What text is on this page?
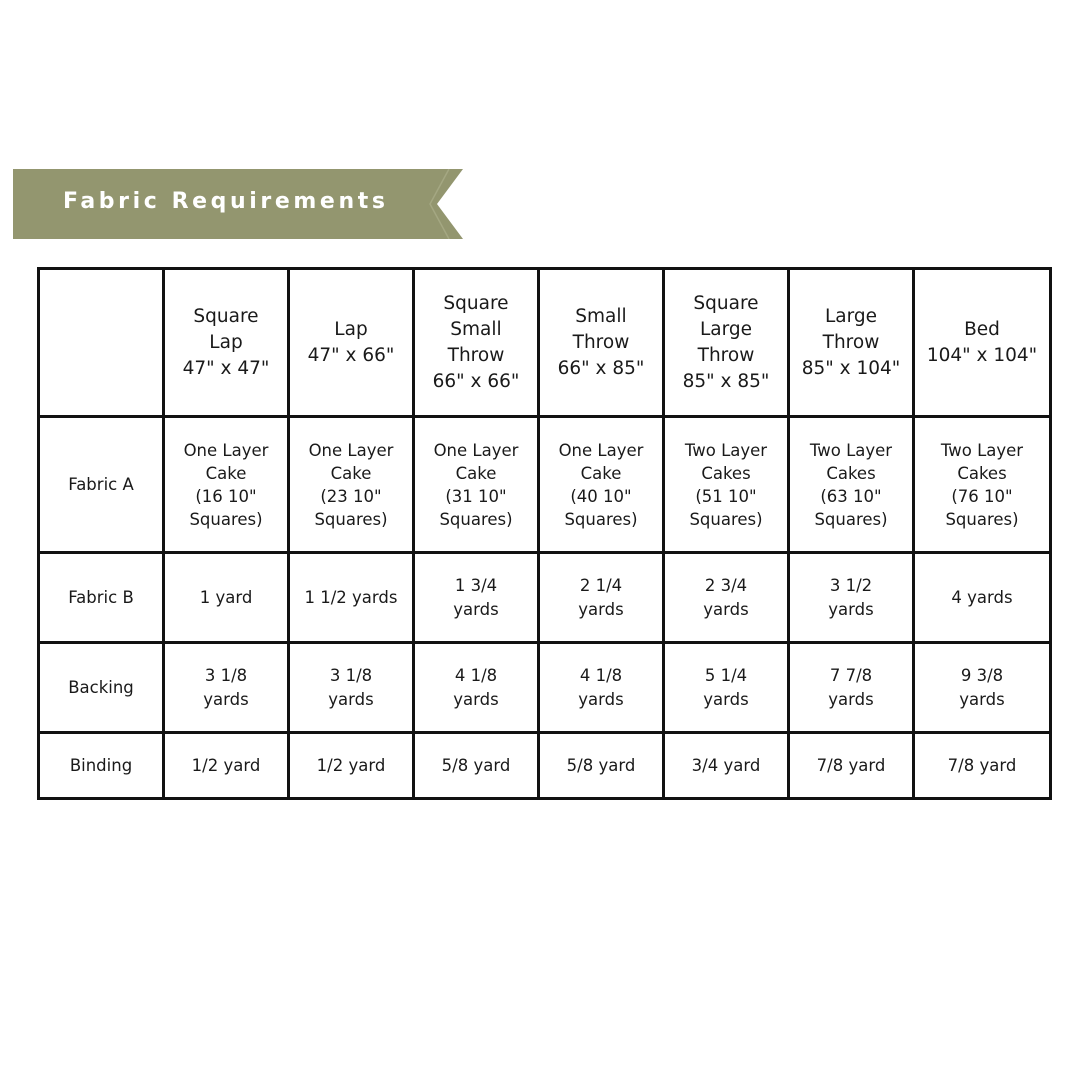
Fabric Requirements

	Square
Lap
47" x 47"	Lap
47" x 66"	Square
Small
Throw
66" x 66"	Small
Throw
66" x 85"	Square
Large
Throw
85" x 85"	Large
Throw
85" x 104"	Bed
104" x 104"

Fabric A	One Layer
Cake
(16 10"
Squares)	One Layer
Cake
(23 10"
Squares)	One Layer
Cake
(31 10"
Squares)	One Layer
Cake
(40 10"
Squares)	Two Layer
Cakes
(51 10"
Squares)	Two Layer
Cakes
(63 10"
Squares)	Two Layer
Cakes
(76 10"
Squares)

Fabric B	1 yard	1 1/2 yards	1 3/4
yards	2 1/4
yards	2 3/4
yards	3 1/2
yards	4 yards

Backing	3 1/8
yards	3 1/8
yards	4 1/8
yards	4 1/8
yards	5 1/4
yards	7 7/8
yards	9 3/8
yards

Binding	1/2 yard	1/2 yard	5/8 yard	5/8 yard	3/4 yard	7/8 yard	7/8 yard
